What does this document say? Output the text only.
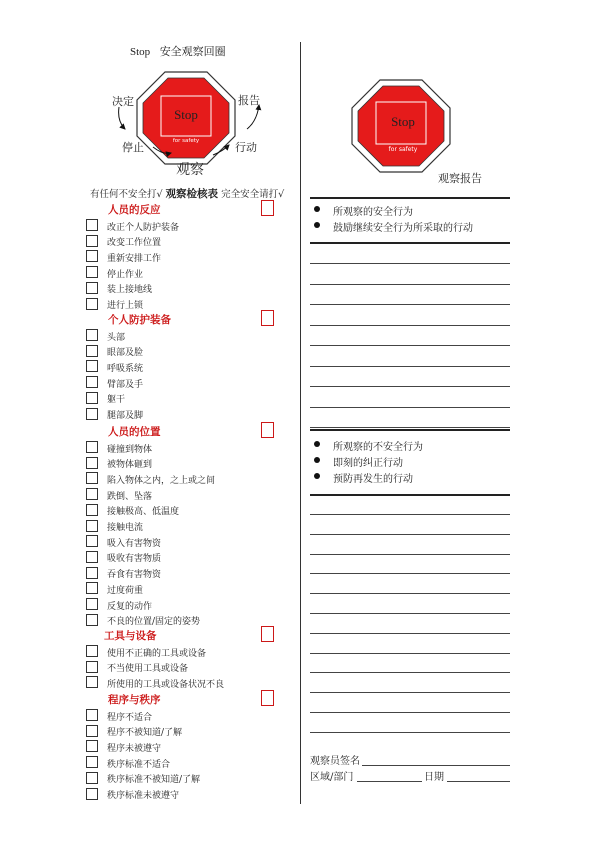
Stop 安全观察回圈
Stop
for safety
决定	报告
停止	行动
观察
Stop
for safety
观察报告
有任何不安全打√ 观察检核表 完全安全请打√
人员的反应
改正个人防护装备
改变工作位置
重新安排工作
停止作业
装上接地线
进行上锁
个人防护装备
头部
眼部及脸
呼吸系统
臂部及手
躯干
腿部及脚
人员的位置
碰撞到物体
被物体砸到
陷入物体之内，之上或之间
跌倒、坠落
接触极高、低温度
接触电流
吸入有害物资
吸收有害物质
吞食有害物资
过度荷重
反复的动作
不良的位置/固定的姿势
工具与设备
使用不正确的工具或设备
不当使用工具或设备
所使用的工具或设备状况不良
程序与秩序
程序不适合
程序不被知道/了解
程序未被遵守
秩序标准不适合
秩序标准不被知道/了解
秩序标准未被遵守
所观察的安全行为
鼓励继续安全行为所采取的行动
所观察的不安全行为
即刻的纠正行动
预防再发生的行动
观察员签名
区域/部门	日期
